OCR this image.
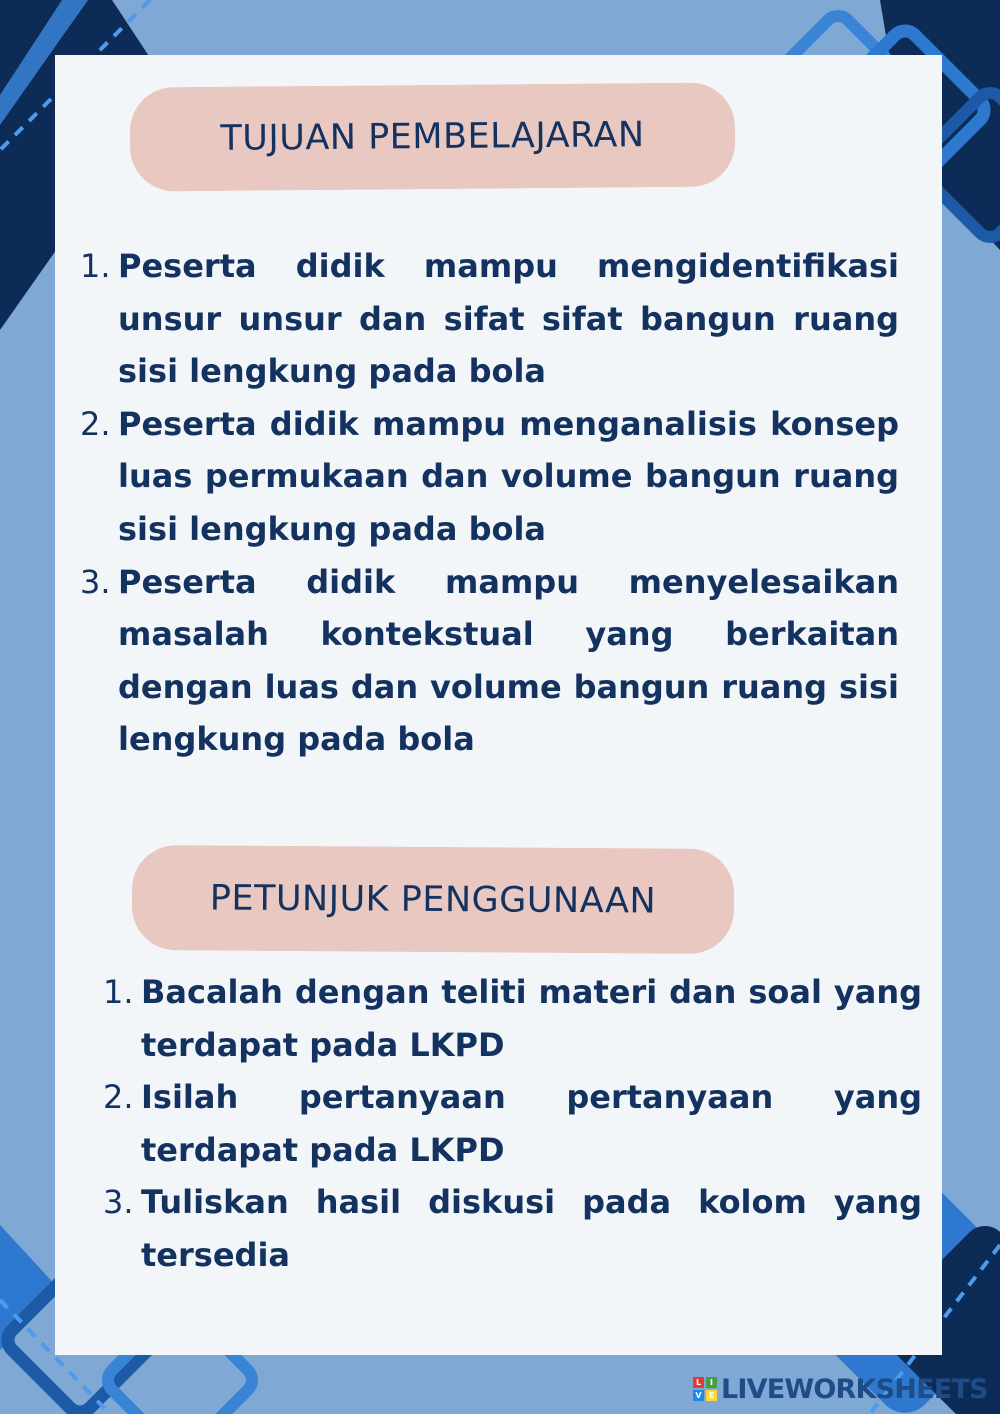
TUJUAN PEMBELAJARAN
1. Peserta didik mampu mengidentifikasi unsur unsur dan sifat sifat bangun ruang sisi lengkung pada bola
2. Peserta didik mampu menganalisis konsep luas permukaan dan volume bangun ruang sisi lengkung pada bola
3. Peserta didik mampu menyelesaikan masalah kontekstual yang berkaitan dengan luas dan volume bangun ruang sisi lengkung pada bola
PETUNJUK PENGGUNAAN
1. Bacalah dengan teliti materi dan soal yang terdapat pada LKPD
2. Isilah pertanyaan pertanyaan yang terdapat pada LKPD
3. Tuliskan hasil diskusi pada kolom yang tersedia
L	I
V E LIVEWORKSHEETS
